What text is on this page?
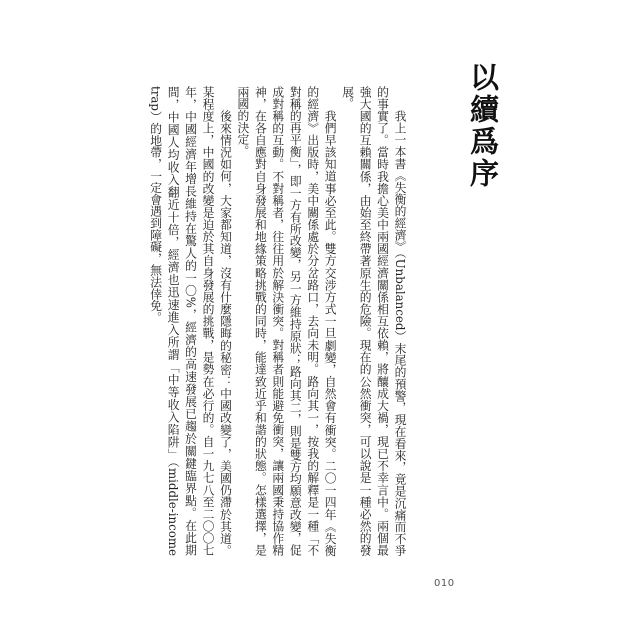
以續爲序

我上一本書《失衡的經濟》（Unbalanced）末尾的預警，現在看來，竟是沉痛而不爭的事實了。當時我擔心美中兩國經濟關係相互依賴，將釀成大禍，現已不幸言中。兩個最強大國的互賴關係，由始至終帶著原生的危險。現在的公然衝突，可以說是一種必然的發展。

我們早該知道事必至此。雙方交涉方式一旦劇變，自然會有衝突。二〇一四年《失衡的經濟》出版時，美中關係處於分岔路口，去向未明。路向其一，按我的解釋是一種「不對稱的再平衡」，即一方有所改變，另一方維持原狀；路向其二，則是雙方均願意改變，促成對稱的互動。不對稱者，往往用於解決衝突。對稱者則能避免衝突，讓兩國秉持協作精神，在各自應對自身發展和地緣策略挑戰的同時，能達致近乎和諧的狀態。怎樣選擇，是兩國的決定。

後來情況如何，大家都知道，沒有什麼隱晦的秘密：中國改變了，美國仍滯於其道。某程度上，中國的改變是迫於其自身發展的挑戰，是勢在必行的。自一九七八至二〇〇七年，中國經濟年增長維持在驚人的一〇%，經濟的高速發展已趨於關鍵臨界點。在此期間，中國人均收入翻近十倍，經濟也迅速進入所謂「中等收入陷阱」（middle-income trap）的地帶，一定會遇到障礙，無法倖免。

010
